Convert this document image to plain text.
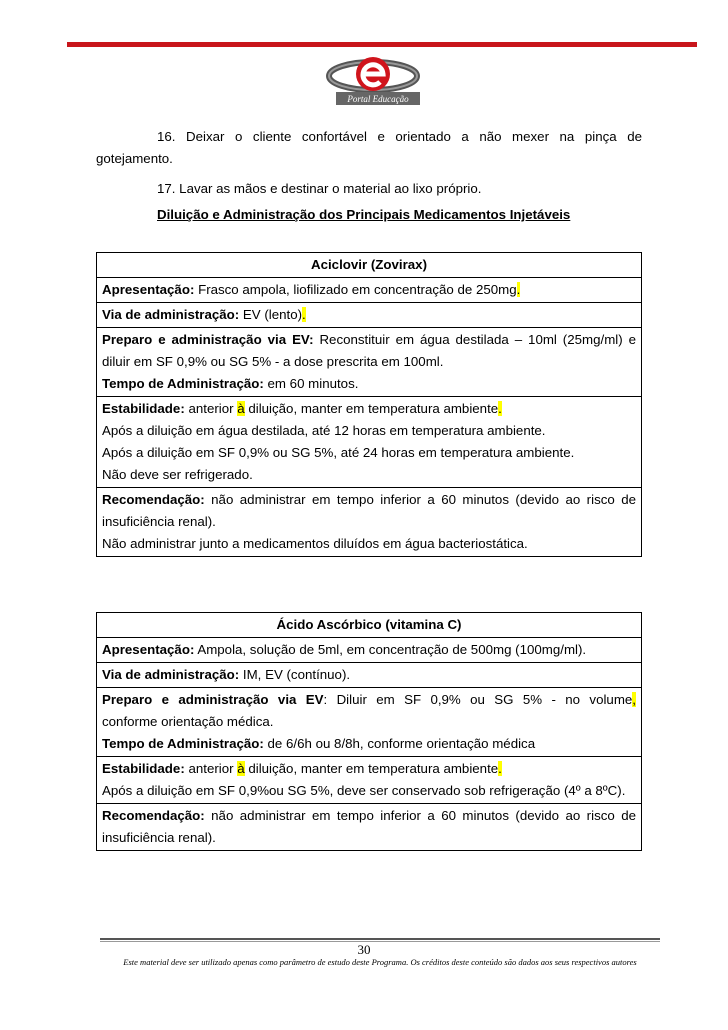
Portal Educação
16. Deixar o cliente confortável e orientado a não mexer na pinça de
gotejamento.
17. Lavar as mãos e destinar o material ao lixo próprio.
Diluição e Administração dos Principais Medicamentos Injetáveis
Aciclovir (Zovirax)
Apresentação: Frasco ampola, liofilizado em concentração de 250mg.
Via de administração: EV (lento).

Preparo e administração via EV: Reconstituir em água destilada – 10ml (25mg/ml) e diluir em SF 0,9% ou SG 5% - a dose prescrita em 100ml.
Tempo de Administração: em 60 minutos.

Estabilidade: anterior à diluição, manter em temperatura ambiente.
Após a diluição em água destilada, até 12 horas em temperatura ambiente.
Após a diluição em SF 0,9% ou SG 5%, até 24 horas em temperatura ambiente.
Não deve ser refrigerado.

Recomendação: não administrar em tempo inferior a 60 minutos (devido ao risco de insuficiência renal).
Não administrar junto a medicamentos diluídos em água bacteriostática.
Ácido Ascórbico (vitamina C)
Apresentação: Ampola, solução de 5ml, em concentração de 500mg (100mg/ml).
Via de administração: IM, EV (contínuo).

Preparo e administração via EV: Diluir em SF 0,9% ou SG 5% - no volume,
conforme orientação médica.
Tempo de Administração: de 6/6h ou 8/8h, conforme orientação médica

Estabilidade: anterior à diluição, manter em temperatura ambiente.
Após a diluição em SF 0,9%ou SG 5%, deve ser conservado sob refrigeração (4º a 8ºC).

Recomendação: não administrar em tempo inferior a 60 minutos (devido ao risco de insuficiência renal).
30
Este material deve ser utilizado apenas como parâmetro de estudo deste Programa. Os créditos deste conteúdo são dados aos seus respectivos autores
